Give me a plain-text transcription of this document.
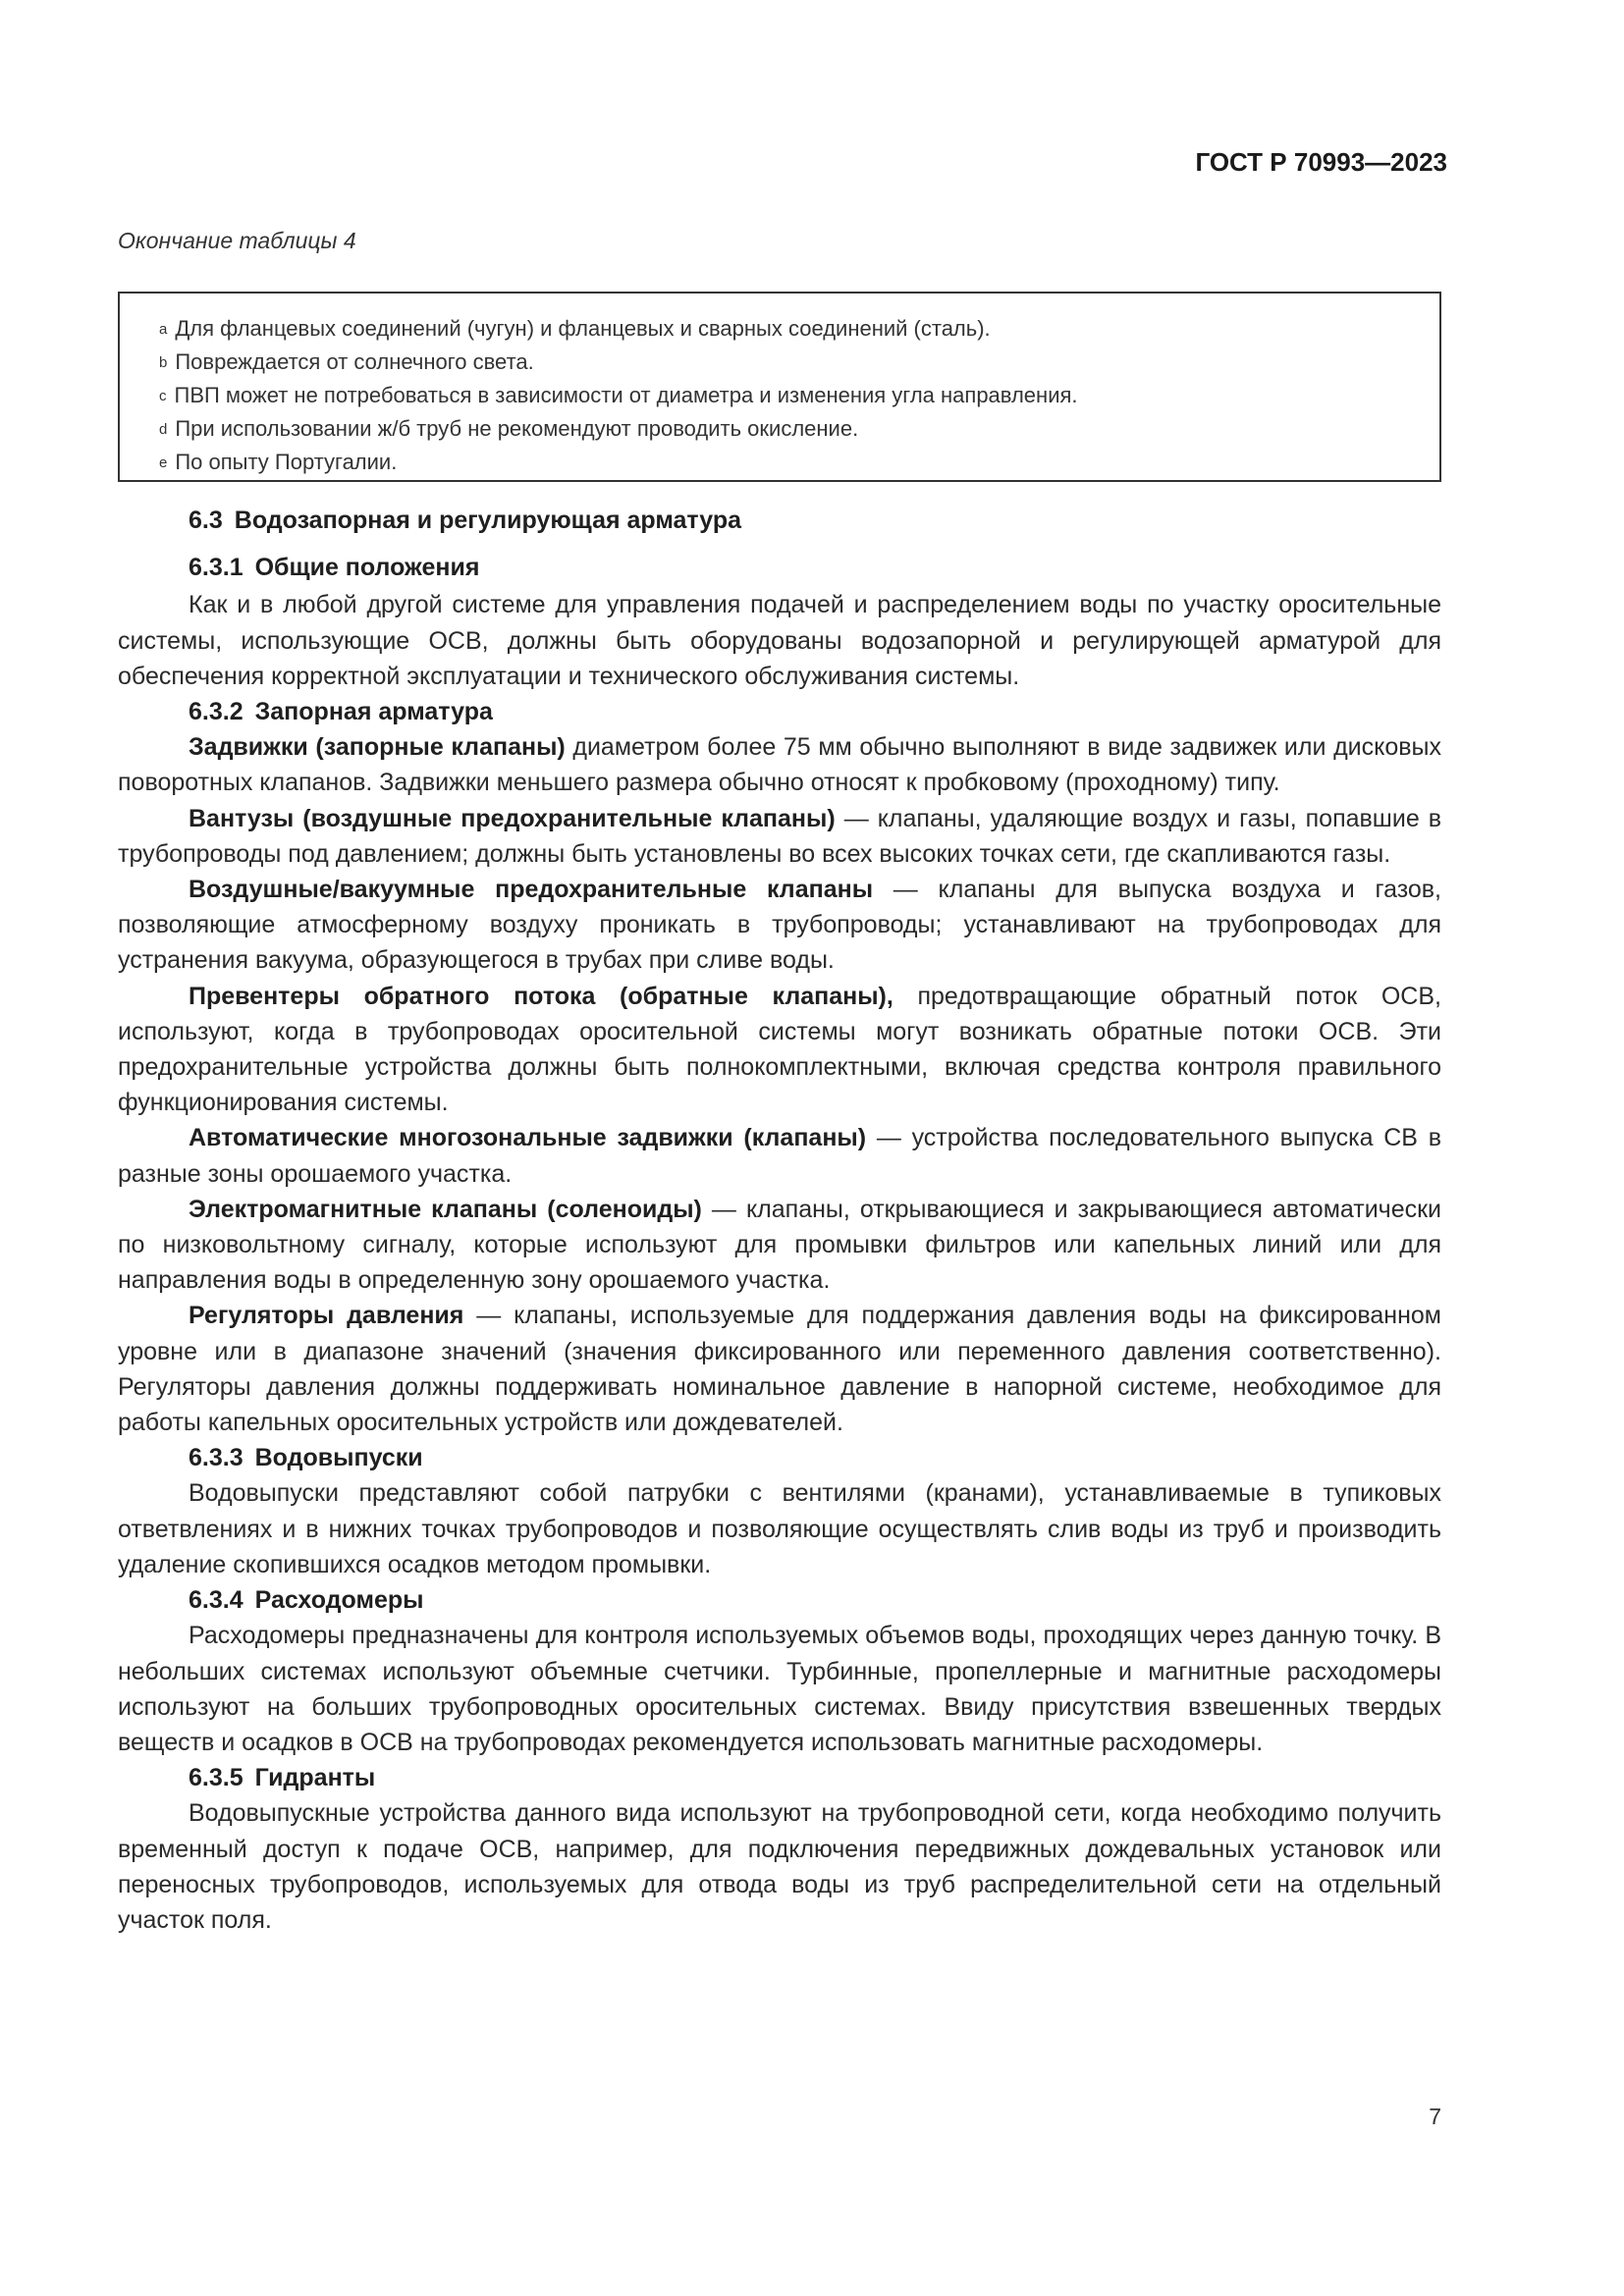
ГОСТ Р 70993—2023
Окончание таблицы 4
$^a$ Для фланцевых соединений (чугун) и фланцевых и сварных соединений (сталь).
$^b$ Повреждается от солнечного света.
$^c$ ПВП может не потребоваться в зависимости от диаметра и изменения угла направления.
$^d$ При использовании ж/б труб не рекомендуют проводить окисление.
$^e$ По опыту Португалии.

6.3 Водозапорная и регулирующая арматура

6.3.1 Общие положения

Как и в любой другой системе для управления подачей и распределением воды по участку оросительные системы, использующие ОСВ, должны быть оборудованы водозапорной и регулирующей арматурой для обеспечения корректной эксплуатации и технического обслуживания системы.

6.3.2 Запорная арматура

Задвижки (запорные клапаны) диаметром более 75 мм обычно выполняют в виде задвижек или дисковых поворотных клапанов. Задвижки меньшего размера обычно относят к пробковому (проходному) типу.

Вантузы (воздушные предохранительные клапаны) — клапаны, удаляющие воздух и газы, попавшие в трубопроводы под давлением; должны быть установлены во всех высоких точках сети, где скапливаются газы.

Воздушные/вакуумные предохранительные клапаны — клапаны для выпуска воздуха и газов, позволяющие атмосферному воздуху проникать в трубопроводы; устанавливают на трубопроводах для устранения вакуума, образующегося в трубах при сливе воды.

Превентеры обратного потока (обратные клапаны), предотвращающие обратный поток ОСВ, используют, когда в трубопроводах оросительной системы могут возникать обратные потоки ОСВ. Эти предохранительные устройства должны быть полнокомплектными, включая средства контроля правильного функционирования системы.

Автоматические многозональные задвижки (клапаны) — устройства последовательного выпуска СВ в разные зоны орошаемого участка.

Электромагнитные клапаны (соленоиды) — клапаны, открывающиеся и закрывающиеся автоматически по низковольтному сигналу, которые используют для промывки фильтров или капельных линий или для направления воды в определенную зону орошаемого участка.

Регуляторы давления — клапаны, используемые для поддержания давления воды на фиксированном уровне или в диапазоне значений (значения фиксированного или переменного давления соответственно). Регуляторы давления должны поддерживать номинальное давление в напорной системе, необходимое для работы капельных оросительных устройств или дождевателей.

6.3.3 Водовыпуски

Водовыпуски представляют собой патрубки с вентилями (кранами), устанавливаемые в тупиковых ответвлениях и в нижних точках трубопроводов и позволяющие осуществлять слив воды из труб и производить удаление скопившихся осадков методом промывки.

6.3.4 Расходомеры

Расходомеры предназначены для контроля используемых объемов воды, проходящих через данную точку. В небольших системах используют объемные счетчики. Турбинные, пропеллерные и магнитные расходомеры используют на больших трубопроводных оросительных системах. Ввиду присутствия взвешенных твердых веществ и осадков в ОСВ на трубопроводах рекомендуется использовать магнитные расходомеры.

6.3.5 Гидранты

Водовыпускные устройства данного вида используют на трубопроводной сети, когда необходимо получить временный доступ к подаче ОСВ, например, для подключения передвижных дождевальных установок или переносных трубопроводов, используемых для отвода воды из труб распределительной сети на отдельный участок поля.

7
